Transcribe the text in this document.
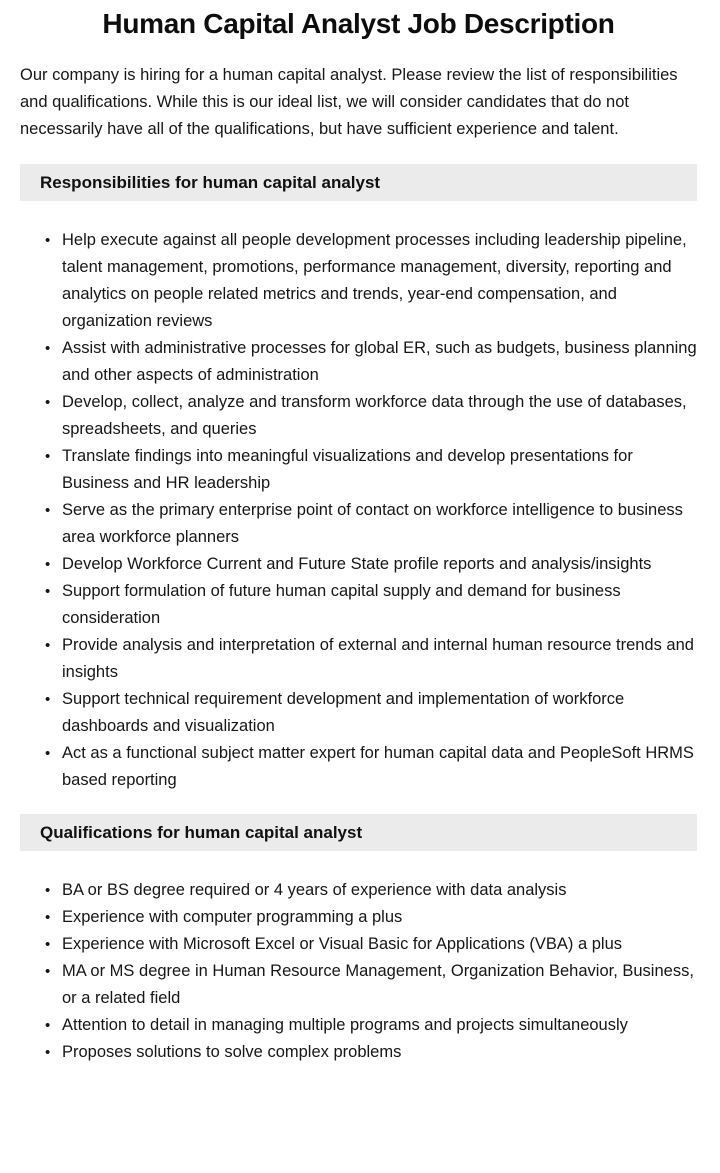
Human Capital Analyst Job Description

Our company is hiring for a human capital analyst. Please review the list of responsibilities and qualifications. While this is our ideal list, we will consider candidates that do not necessarily have all of the qualifications, but have sufficient experience and talent.

Responsibilities for human capital analyst
• Help execute against all people development processes including leadership pipeline, talent management, promotions, performance management, diversity, reporting and analytics on people related metrics and trends, year-end compensation, and organization reviews
• Assist with administrative processes for global ER, such as budgets, business planning and other aspects of administration
• Develop, collect, analyze and transform workforce data through the use of databases, spreadsheets, and queries
• Translate findings into meaningful visualizations and develop presentations for Business and HR leadership
• Serve as the primary enterprise point of contact on workforce intelligence to business area workforce planners
• Develop Workforce Current and Future State profile reports and analysis/insights
• Support formulation of future human capital supply and demand for business consideration
• Provide analysis and interpretation of external and internal human resource trends and insights
• Support technical requirement development and implementation of workforce dashboards and visualization
• Act as a functional subject matter expert for human capital data and PeopleSoft HRMS based reporting
Qualifications for human capital analyst
• BA or BS degree required or 4 years of experience with data analysis
• Experience with computer programming a plus
• Experience with Microsoft Excel or Visual Basic for Applications (VBA) a plus
• MA or MS degree in Human Resource Management, Organization Behavior, Business, or a related field
• Attention to detail in managing multiple programs and projects simultaneously
• Proposes solutions to solve complex problems
